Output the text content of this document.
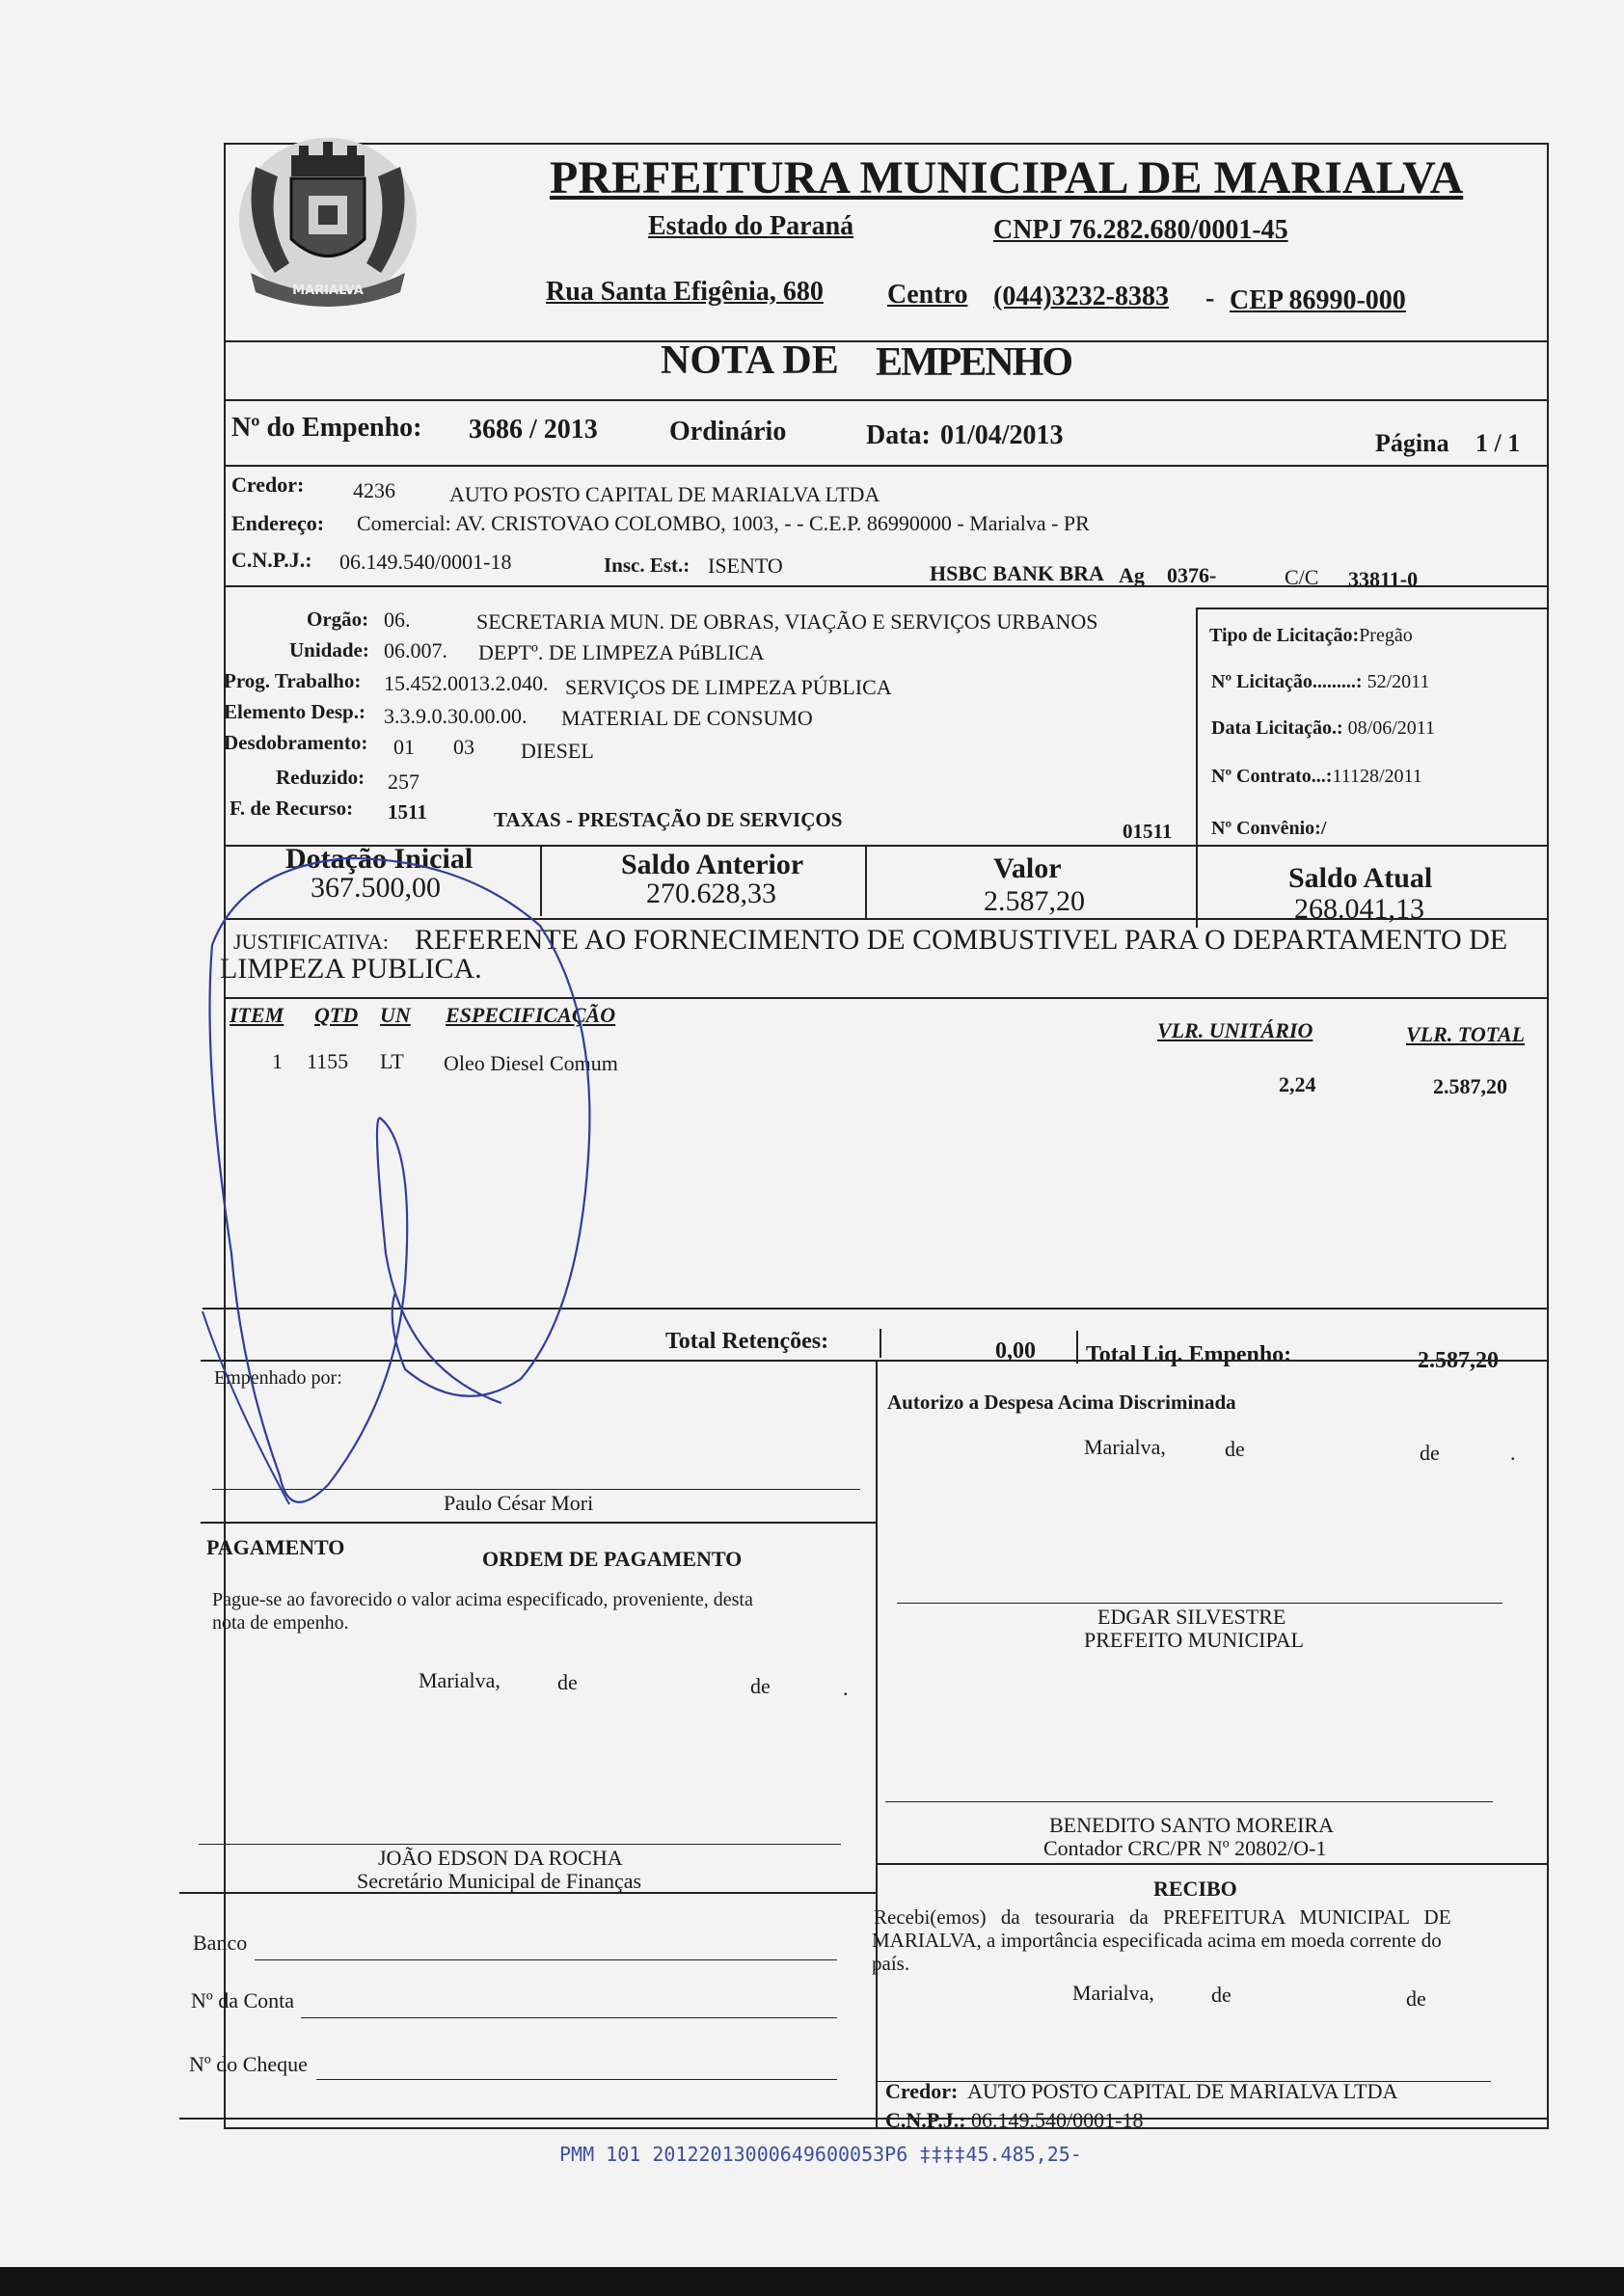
MARIALVA
PREFEITURA MUNICIPAL DE MARIALVA
Estado do Paraná	CNPJ 76.282.680/0001-45
Rua Santa Efigênia, 680 Centro (044)3232-8383 - CEP 86990-000
NOTA DE EMPENHO
Nº do Empenho: 3686 / 2013	Ordinário	Data: 01/04/2013	Página 1 / 1
Credor: 4236	AUTO POSTO CAPITAL DE MARIALVA LTDA
Endereço: Comercial: AV. CRISTOVAO COLOMBO, 1003, - - C.E.P. 86990000 - Marialva - PR
C.N.P.J.: 06.149.540/0001-18	Insc. Est.: ISENTO	HSBC BANK BRA Ag 0376-	C/C 33811-0
Orgão: 06.	SECRETARIA MUN. DE OBRAS, VIAÇÃO E SERVIÇOS URBANOS
Unidade: 06.007. DEPTº. DE LIMPEZA PúBLICA
Prog. Trabalho: 15.452.0013.2.040. SERVIÇOS DE LIMPEZA PÚBLICA
Elemento Desp.: 3.3.9.0.30.00.00. MATERIAL DE CONSUMO
Desdobramento: 01 03 DIESEL
Reduzido: 257
F. de Recurso: 1511	TAXAS - PRESTAÇÃO DE SERVIÇOS	01511
Tipo de Licitação:Pregão
Nº Licitação.........: 52/2011
Data Licitação.: 08/06/2011
Nº Contrato...:11128/2011
Nº Convênio:/
Dotação Inicial
367.500,00
Saldo Anterior
270.628,33
Valor
2.587,20
Saldo Atual
268.041,13
JUSTIFICATIVA: REFERENTE AO FORNECIMENTO DE COMBUSTIVEL PARA O DEPARTAMENTO DE
LIMPEZA PUBLICA.
ITEM QTD UN ESPECIFICAÇÃO
VLR. UNITÁRIO	VLR. TOTAL
1 1155 LT Oleo Diesel Comum
2,24	2.587,20
Total Retenções:	0,00 Total Liq. Empenho:	2.587,20
Empenhado por:
Paulo César Mori
Autorizo a Despesa Acima Discriminada
Marialva,	de	de	.
EDGAR SILVESTRE
PREFEITO MUNICIPAL
PAGAMENTO	ORDEM DE PAGAMENTO
Pague-se ao favorecido o valor acima especificado, proveniente, desta
nota de empenho.
Marialva,	de	de	.
JOÃO EDSON DA ROCHA
Secretário Municipal de Finanças
BENEDITO SANTO MOREIRA
Contador CRC/PR Nº 20802/O-1
RECIBO
Recebi(emos) da tesouraria da PREFEITURA MUNICIPAL DE
MARIALVA, a importância especificada acima em moeda corrente do
país.
Marialva,	de	de
Credor: AUTO POSTO CAPITAL DE MARIALVA LTDA
C.N.P.J.: 06.149.540/0001-18
Banco
Nº da Conta
Nº do Cheque
PMM 101 20122013000649600053P6 ‡‡‡‡45.485,25-
